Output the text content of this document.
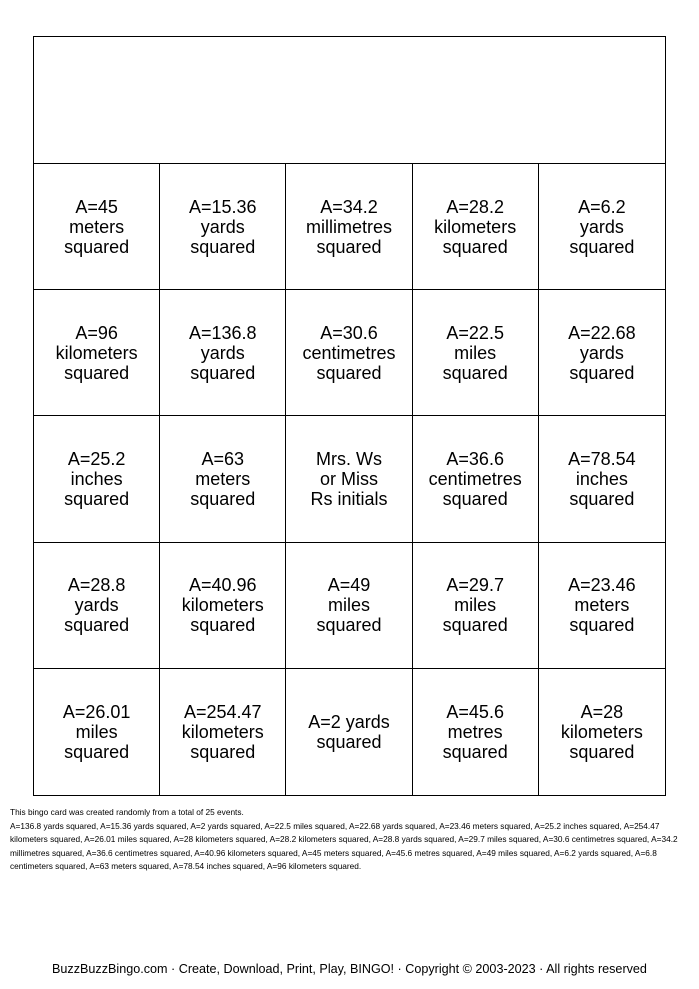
A=45
meters
squared
A=15.36
yards
squared
A=34.2
millimetres
squared
A=28.2
kilometers
squared
A=6.2
yards
squared
A=96
kilometers
squared
A=136.8
yards
squared
A=30.6
centimetres
squared
A=22.5
miles
squared
A=22.68
yards
squared
A=25.2
inches
squared
A=63
meters
squared
Mrs. Ws
or Miss
Rs initials
A=36.6
centimetres
squared
A=78.54
inches
squared
A=28.8
yards
squared
A=40.96
kilometers
squared
A=49
miles
squared
A=29.7
miles
squared
A=23.46
meters
squared
A=26.01
miles
squared
A=254.47
kilometers
squared
A=2 yards
squared
A=45.6
metres
squared
A=28
kilometers
squared
This bingo card was created randomly from a total of 25 events.
A=136.8 yards squared, A=15.36 yards squared, A=2 yards squared, A=22.5 miles squared, A=22.68 yards squared, A=23.46 meters squared, A=25.2 inches squared, A=254.47 kilometers squared, A=26.01 miles squared, A=28 kilometers squared, A=28.2 kilometers squared, A=28.8 yards squared, A=29.7 miles squared, A=30.6 centimetres squared, A=34.2 millimetres squared, A=36.6 centimetres squared, A=40.96 kilometers squared, A=45 meters squared, A=45.6 metres squared, A=49 miles squared, A=6.2 yards squared, A=6.8 centimeters squared, A=63 meters squared, A=78.54 inches squared, A=96 kilometers squared.
BuzzBuzzBingo.com · Create, Download, Print, Play, BINGO! · Copyright © 2003-2023 · All rights reserved
